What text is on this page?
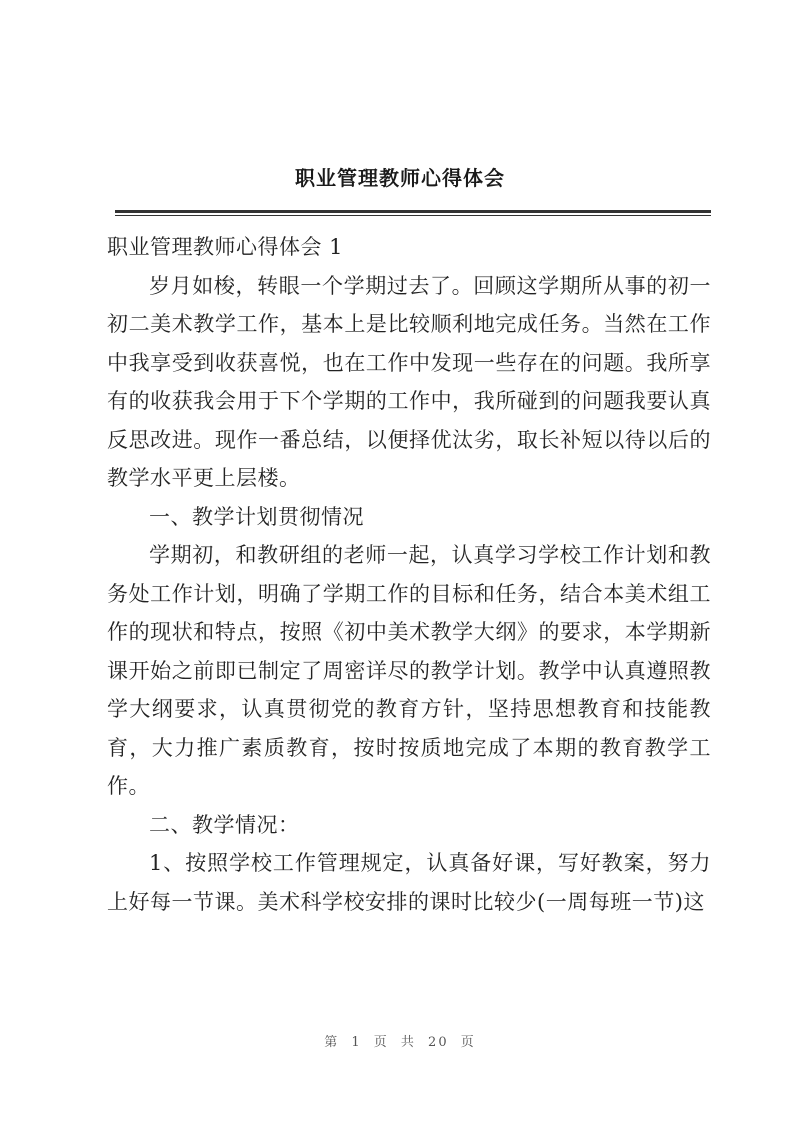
职业管理教师心得体会

职业管理教师心得体会 1

岁月如梭，转眼一个学期过去了。回顾这学期所从事的初一初二美术教学工作，基本上是比较顺利地完成任务。当然在工作中我享受到收获喜悦，也在工作中发现一些存在的问题。我所享有的收获我会用于下个学期的工作中，我所碰到的问题我要认真反思改进。现作一番总结，以便择优汰劣，取长补短以待以后的教学水平更上层楼。

一、教学计划贯彻情况

学期初，和教研组的老师一起，认真学习学校工作计划和教务处工作计划，明确了学期工作的目标和任务，结合本美术组工作的现状和特点，按照《初中美术教学大纲》的要求，本学期新课开始之前即已制定了周密详尽的教学计划。教学中认真遵照教学大纲要求，认真贯彻党的教育方针，坚持思想教育和技能教育，大力推广素质教育，按时按质地完成了本期的教育教学工作。

二、教学情况：

1、按照学校工作管理规定，认真备好课，写好教案，努力上好每一节课。美术科学校安排的课时比较少(一周每班一节)这

第 1 页 共 20 页
